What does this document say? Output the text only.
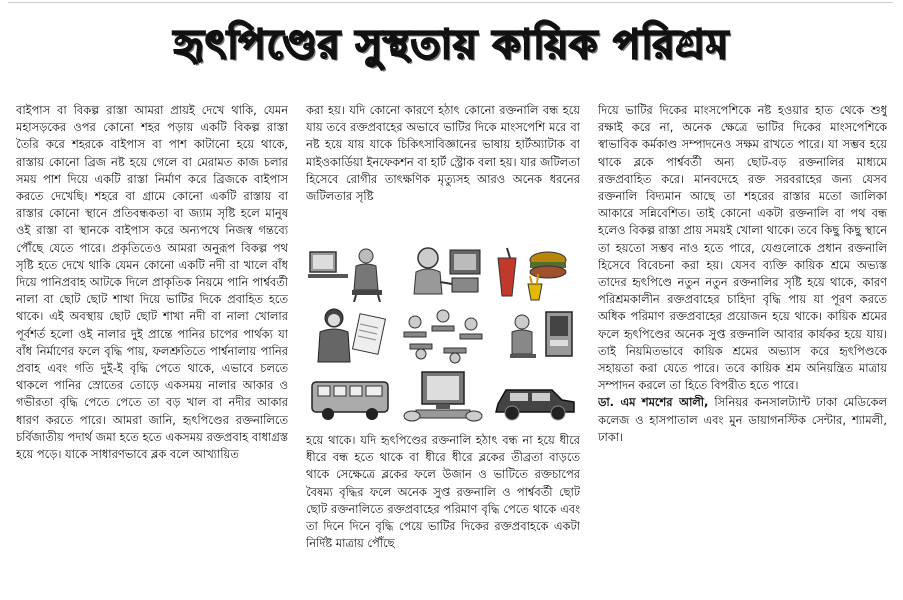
হৃৎপিণ্ডের সুস্থতায় কায়িক পরিশ্রম

বাইপাস বা বিকল্প রাস্তা আমরা প্রায়ই দেখে থাকি, যেমন মহাসড়কের ওপর কোনো শহর পড়ায় একটি বিকল্প রাস্তা তৈরি করে শহরকে বাইপাস বা পাশ কাটানো হয়ে থাকে, রাস্তায় কোনো ব্রিজ নষ্ট হয়ে গেলে বা মেরামত কাজ চলার সময় পাশ দিয়ে একটি রাস্তা নির্মাণ করে ব্রিজকে বাইপাস করতে দেখেছি। শহরে বা গ্রামে কোনো একটি রাস্তায় বা রাস্তার কোনো স্থানে প্রতিবন্ধকতা বা জ্যাম সৃষ্টি হলে মানুষ ওই রাস্তা বা স্থানকে বাইপাস করে অন্যপথে নিজস্ব গন্তব্যে পৌঁছে যেতে পারে। প্রকৃতিতেও আমরা অনুরূপ বিকল্প পথ সৃষ্টি হতে দেখে থাকি যেমন কোনো একটি নদী বা খালে বাঁধ দিয়ে পানিপ্রবাহ আটকে দিলে প্রাকৃতিক নিয়মে পানি পার্শ্ববর্তী নালা বা ছোট ছোট শাখা দিয়ে ভাটির দিকে প্রবাহিত হতে থাকে। এই অবস্থায় ছোট ছোট শাখা নদী বা নালা খোলার পূর্বশর্ত হলো ওই নালার দুই প্রান্তে পানির চাপের পার্থক্য যা বাঁধ নির্মাণের ফলে বৃদ্ধি পায়, ফলশ্রুতিতে পার্শ্বনালায় পানির প্রবাহ এবং গতি দুই-ই বৃদ্ধি পেতে থাকে, এভাবে চলতে থাকলে পানির স্রোতের তোড়ে একসময় নালার আকার ও গভীরতা বৃদ্ধি পেতে পেতে তা বড় খাল বা নদীর আকার ধারণ করতে পারে। আমরা জানি, হৃৎপিণ্ডের রক্তনালিতে চর্বিজাতীয় পদার্থ জমা হতে হতে একসময় রক্তপ্রবাহ বাধাগ্রস্ত হয়ে পড়ে। যাকে সাধারণভাবে ব্লক বলে আখ্যায়িত

করা হয়। যদি কোনো কারণে হঠাৎ কোনো রক্তনালি বন্ধ হয়ে যায় তবে রক্তপ্রবাহের অভাবে ভাটির দিকে মাংসপেশি মরে বা নষ্ট হয়ে যায় যাকে চিকিৎসাবিজ্ঞানের ভাষায় হার্টঅ্যাটাক বা মাইওকার্ডিয়া ইনফেকশন বা হার্ট স্ট্রোক বলা হয়। যার জটিলতা হিসেবে রোগীর তাৎক্ষণিক মৃত্যুসহ আরও অনেক ধরনের জটিলতার সৃষ্টি

হয়ে থাকে। যদি হৃৎপিণ্ডের রক্তনালি হঠাৎ বন্ধ না হয়ে ধীরে ধীরে বন্ধ হতে থাকে বা ধীরে ধীরে ব্লকের তীব্রতা বাড়তে থাকে সেক্ষেত্রে ব্লকের ফলে উজান ও ভাটিতে রক্তচাপের বৈষম্য বৃদ্ধির ফলে অনেক সুপ্ত রক্তনালি ও পার্শ্ববর্তী ছোট ছোট রক্তনালিতে রক্তপ্রবাহের পরিমাণ বৃদ্ধি পেতে থাকে এবং তা দিনে দিনে বৃদ্ধি পেয়ে ভাটির দিকের রক্তপ্রবাহকে একটা নির্দিষ্ট মাত্রায় পৌঁছে

দিয়ে ভাটির দিকের মাংসপেশিকে নষ্ট হওয়ার হাত থেকে শুধু রক্ষাই করে না, অনেক ক্ষেত্রে ভাটির দিকের মাংসপেশিকে স্বাভাবিক কর্মকাণ্ড সম্পাদনেও সক্ষম রাখতে পারে। যা সম্ভব হয়ে থাকে ব্লকে পার্শ্ববর্তী অন্য ছোট-বড় রক্তনালির মাধ্যমে রক্তপ্রবাহিত করে। মানবদেহে রক্ত সরবরাহের জন্য যেসব রক্তনালি বিদ্যমান আছে তা শহরের রাস্তার মতো জালিকা আকারে সন্নিবেশিত। তাই কোনো একটা রক্তনালি বা পথ বন্ধ হলেও বিকল্প রাস্তা প্রায় সময়ই খোলা থাকে। তবে কিছু কিছু স্থানে তা হয়তো সম্ভব নাও হতে পারে, যেগুলোকে প্রধান রক্তনালি হিসেবে বিবেচনা করা হয়। যেসব ব্যক্তি কায়িক শ্রমে অভ্যস্ত তাদের হৃৎপিণ্ডে নতুন নতুন রক্তনালির সৃষ্টি হয়ে থাকে, কারণ পরিশ্রমকালীন রক্তপ্রবাহের চাহিদা বৃদ্ধি পায় যা পূরণ করতে অধিক পরিমাণ রক্তপ্রবাহের প্রয়োজন হয়ে থাকে। কায়িক শ্রমের ফলে হৃৎপিণ্ডের অনেক সুপ্ত রক্তনালি আবার কার্যকর হয়ে যায়। তাই নিয়মিতভাবে কায়িক শ্রমের অভ্যাস করে হৃৎপিণ্ডকে সহায়তা করা যেতে পারে। তবে কায়িক শ্রম অনিয়ন্ত্রিত মাত্রায় সম্পাদন করলে তা হিতে বিপরীত হতে পারে।

ডা. এম শমশের আলী, সিনিয়র কনসালট্যান্ট ঢাকা মেডিকেল কলেজ ও হাসপাতাল এবং মুন ডায়াগনস্টিক সেন্টার, শ্যামলী, ঢাকা।
